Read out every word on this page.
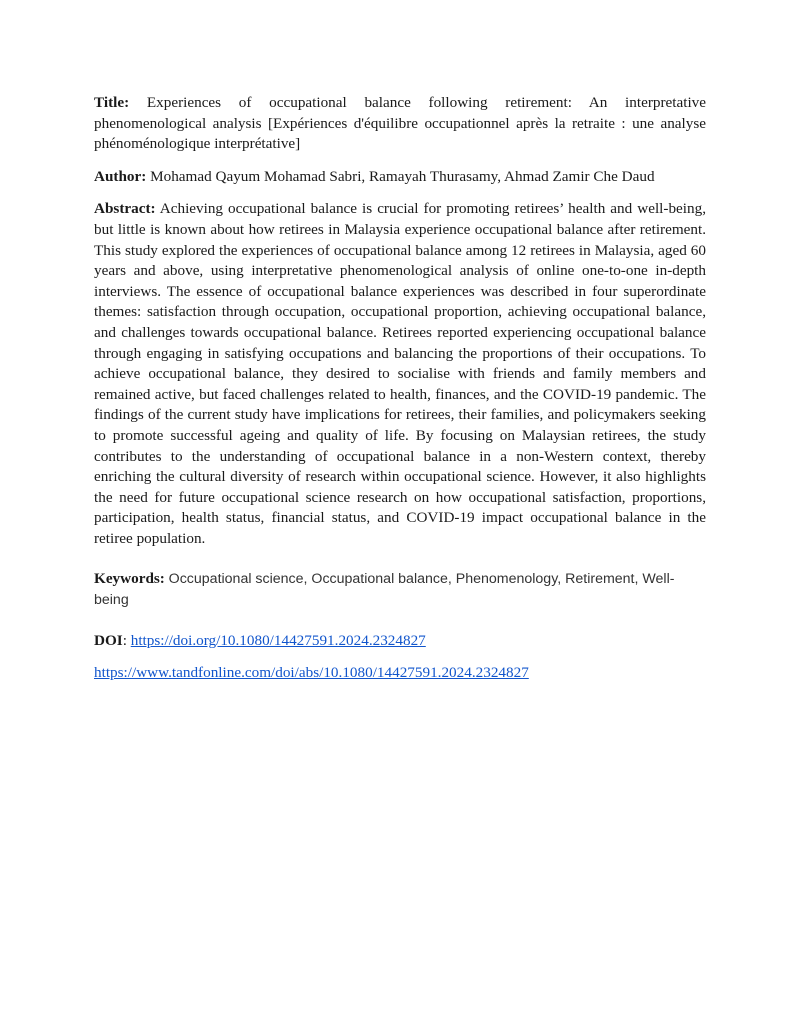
Title: Experiences of occupational balance following retirement: An interpretative phenomenological analysis [Expériences d'équilibre occupationnel après la retraite : une analyse phénoménologique interprétative]

Author: Mohamad Qayum Mohamad Sabri, Ramayah Thurasamy, Ahmad Zamir Che Daud

Abstract: Achieving occupational balance is crucial for promoting retirees’ health and well-being, but little is known about how retirees in Malaysia experience occupational balance after retirement. This study explored the experiences of occupational balance among 12 retirees in Malaysia, aged 60 years and above, using interpretative phenomenological analysis of online one-to-one in-depth interviews. The essence of occupational balance experiences was described in four superordinate themes: satisfaction through occupation, occupational proportion, achieving occupational balance, and challenges towards occupational balance. Retirees reported experiencing occupational balance through engaging in satisfying occupations and balancing the proportions of their occupations. To achieve occupational balance, they desired to socialise with friends and family members and remained active, but faced challenges related to health, finances, and the COVID-19 pandemic. The findings of the current study have implications for retirees, their families, and policymakers seeking to promote successful ageing and quality of life. By focusing on Malaysian retirees, the study contributes to the understanding of occupational balance in a non-Western context, thereby enriching the cultural diversity of research within occupational science. However, it also highlights the need for future occupational science research on how occupational satisfaction, proportions, participation, health status, financial status, and COVID-19 impact occupational balance in the retiree population.

Keywords: Occupational science, Occupational balance, Phenomenology, Retirement, Well-being

DOI: https://doi.org/10.1080/14427591.2024.2324827

https://www.tandfonline.com/doi/abs/10.1080/14427591.2024.2324827
